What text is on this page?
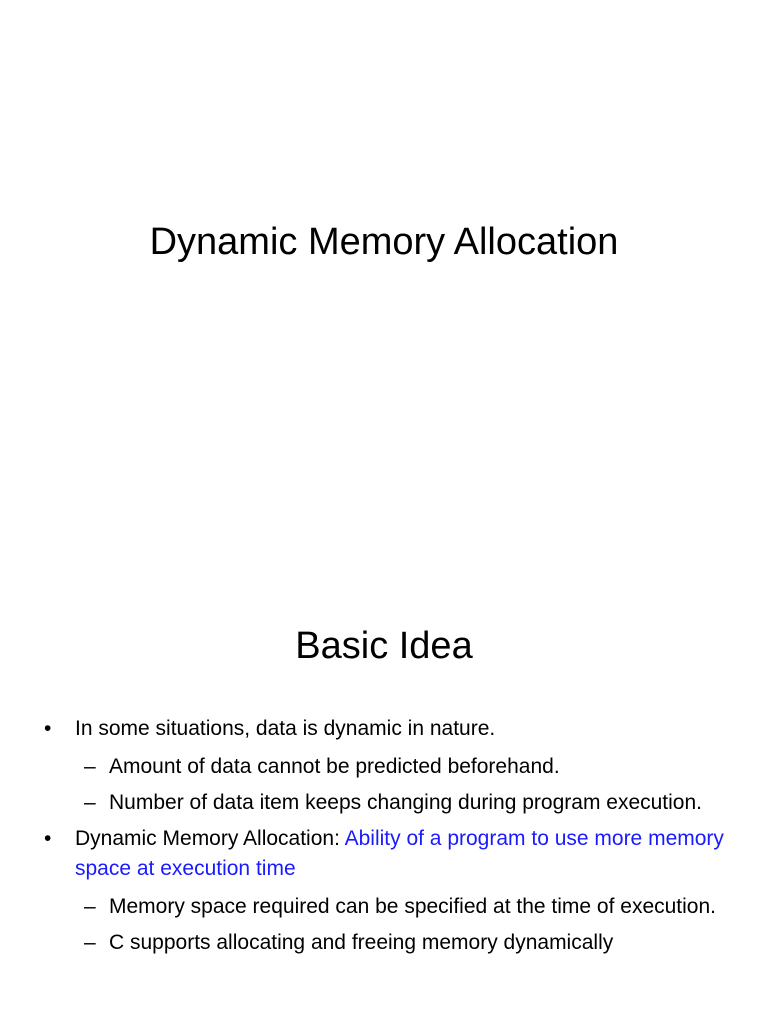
Dynamic Memory Allocation
Basic Idea
• In some situations, data is dynamic in nature.
– Amount of data cannot be predicted beforehand.
– Number of data item keeps changing during program execution.
• Dynamic Memory Allocation: Ability of a program to use more memory space at execution time
– Memory space required can be specified at the time of execution.
– C supports allocating and freeing memory dynamically
